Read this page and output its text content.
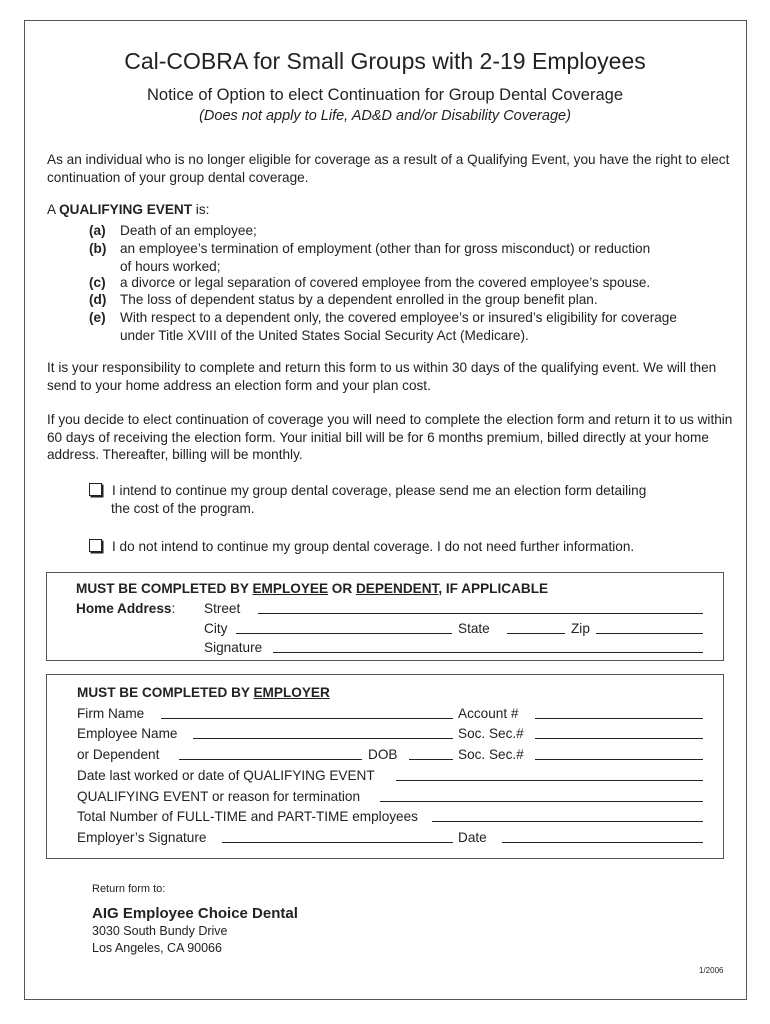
Cal-COBRA for Small Groups with 2-19 Employees
Notice of Option to elect Continuation for Group Dental Coverage
(Does not apply to Life, AD&D and/or Disability Coverage)
As an individual who is no longer eligible for coverage as a result of a Qualifying Event, you have the right to elect continuation of your group dental coverage.
A QUALIFYING EVENT is:
(a) Death of an employee;
(b) an employee’s termination of employment (other than for gross misconduct) or reduction of hours worked;
(c) a divorce or legal separation of covered employee from the covered employee’s spouse.
(d) The loss of dependent status by a dependent enrolled in the group benefit plan.
(e) With respect to a dependent only, the covered employee’s or insured’s eligibility for coverage under Title XVIII of the United States Social Security Act (Medicare).
It is your responsibility to complete and return this form to us within 30 days of the qualifying event. We will then send to your home address an election form and your plan cost.
If you decide to elect continuation of coverage you will need to complete the election form and return it to us within 60 days of receiving the election form. Your initial bill will be for 6 months premium, billed directly at your home address. Thereafter, billing will be monthly.
I intend to continue my group dental coverage, please send me an election form detailing
the cost of the program.
I do not intend to continue my group dental coverage. I do not need further information.
MUST BE COMPLETED BY EMPLOYEE OR DEPENDENT, IF APPLICABLE
Home Address: Street
City	State	Zip
Signature
MUST BE COMPLETED BY EMPLOYER
Firm Name	Account #
Employee Name	Soc. Sec.#
or Dependent	DOB	Soc. Sec.#
Date last worked or date of QUALIFYING EVENT
QUALIFYING EVENT or reason for termination
Total Number of FULL-TIME and PART-TIME employees
Employer’s Signature	Date
Return form to:
AIG Employee Choice Dental
3030 South Bundy Drive
Los Angeles, CA 90066
1/2006
